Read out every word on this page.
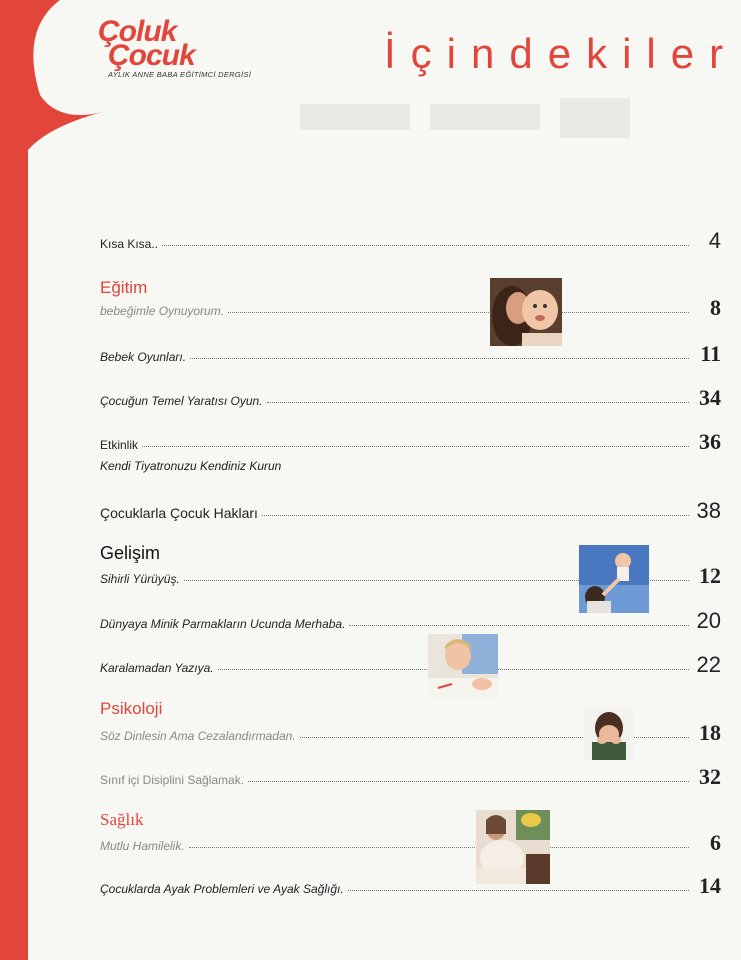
Çoluk
Çocuk
AYLIK ANNE BABA EĞİTİMCİ DERGİSİ	İçindekiler
Kısa Kısa..	4
Eğitim
bebeğimle Oynuyorum.	8
Bebek Oyunları.	11
Çocuğun Temel Yaratısı Oyun.	34
Etkinlik	36
Kendi Tiyatronuzu Kendiniz Kurun
Çocuklarla Çocuk Hakları	38
Gelişim
Sihirli Yürüyüş.	12
Dünyaya Minik Parmakların Ucunda Merhaba.	20
Karalamadan Yazıya.	22
Psikoloji
Söz Dinlesin Ama Cezalandırmadan.	18
Sınıf içi Disiplini Sağlamak.	32
Sağlık
Mutlu Hamilelik.	6
Çocuklarda Ayak Problemleri ve Ayak Sağlığı.	14
